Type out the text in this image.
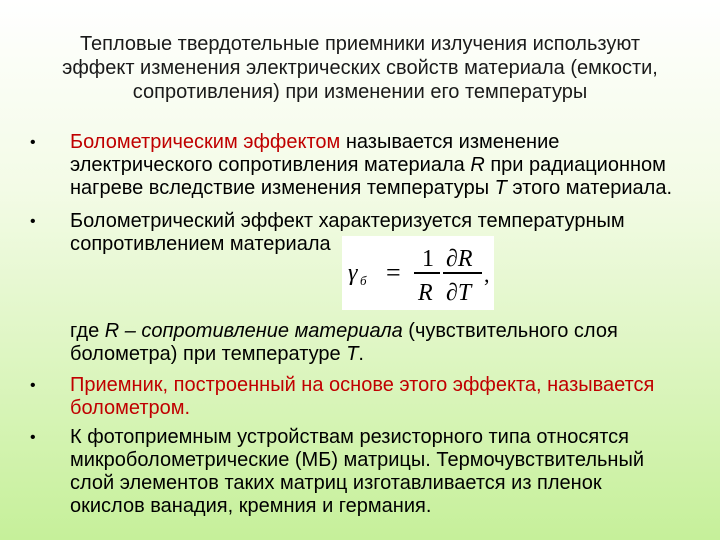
Тепловые твердотельные приемники излучения используют
эффект изменения электрических свойств материала (емкости,
сопротивления) при изменении его температуры
• Болометрическим эффектом называется изменение
электрического сопротивления материала R при радиационном
нагреве вследствие изменения температуры T этого материала.
• Болометрический эффект характеризуется температурным
сопротивлением материала
γ б = 1
R
∂R
∂T
,
где R – сопротивление материала (чувствительного слоя
болометра) при температуре T.
• Приемник, построенный на основе этого эффекта, называется
болометром.
• К фотоприемным устройствам резисторного типа относятся
микроболометрические (МБ) матрицы. Термочувствительный
слой элементов таких матриц изготавливается из пленок
окислов ванадия, кремния и германия.
